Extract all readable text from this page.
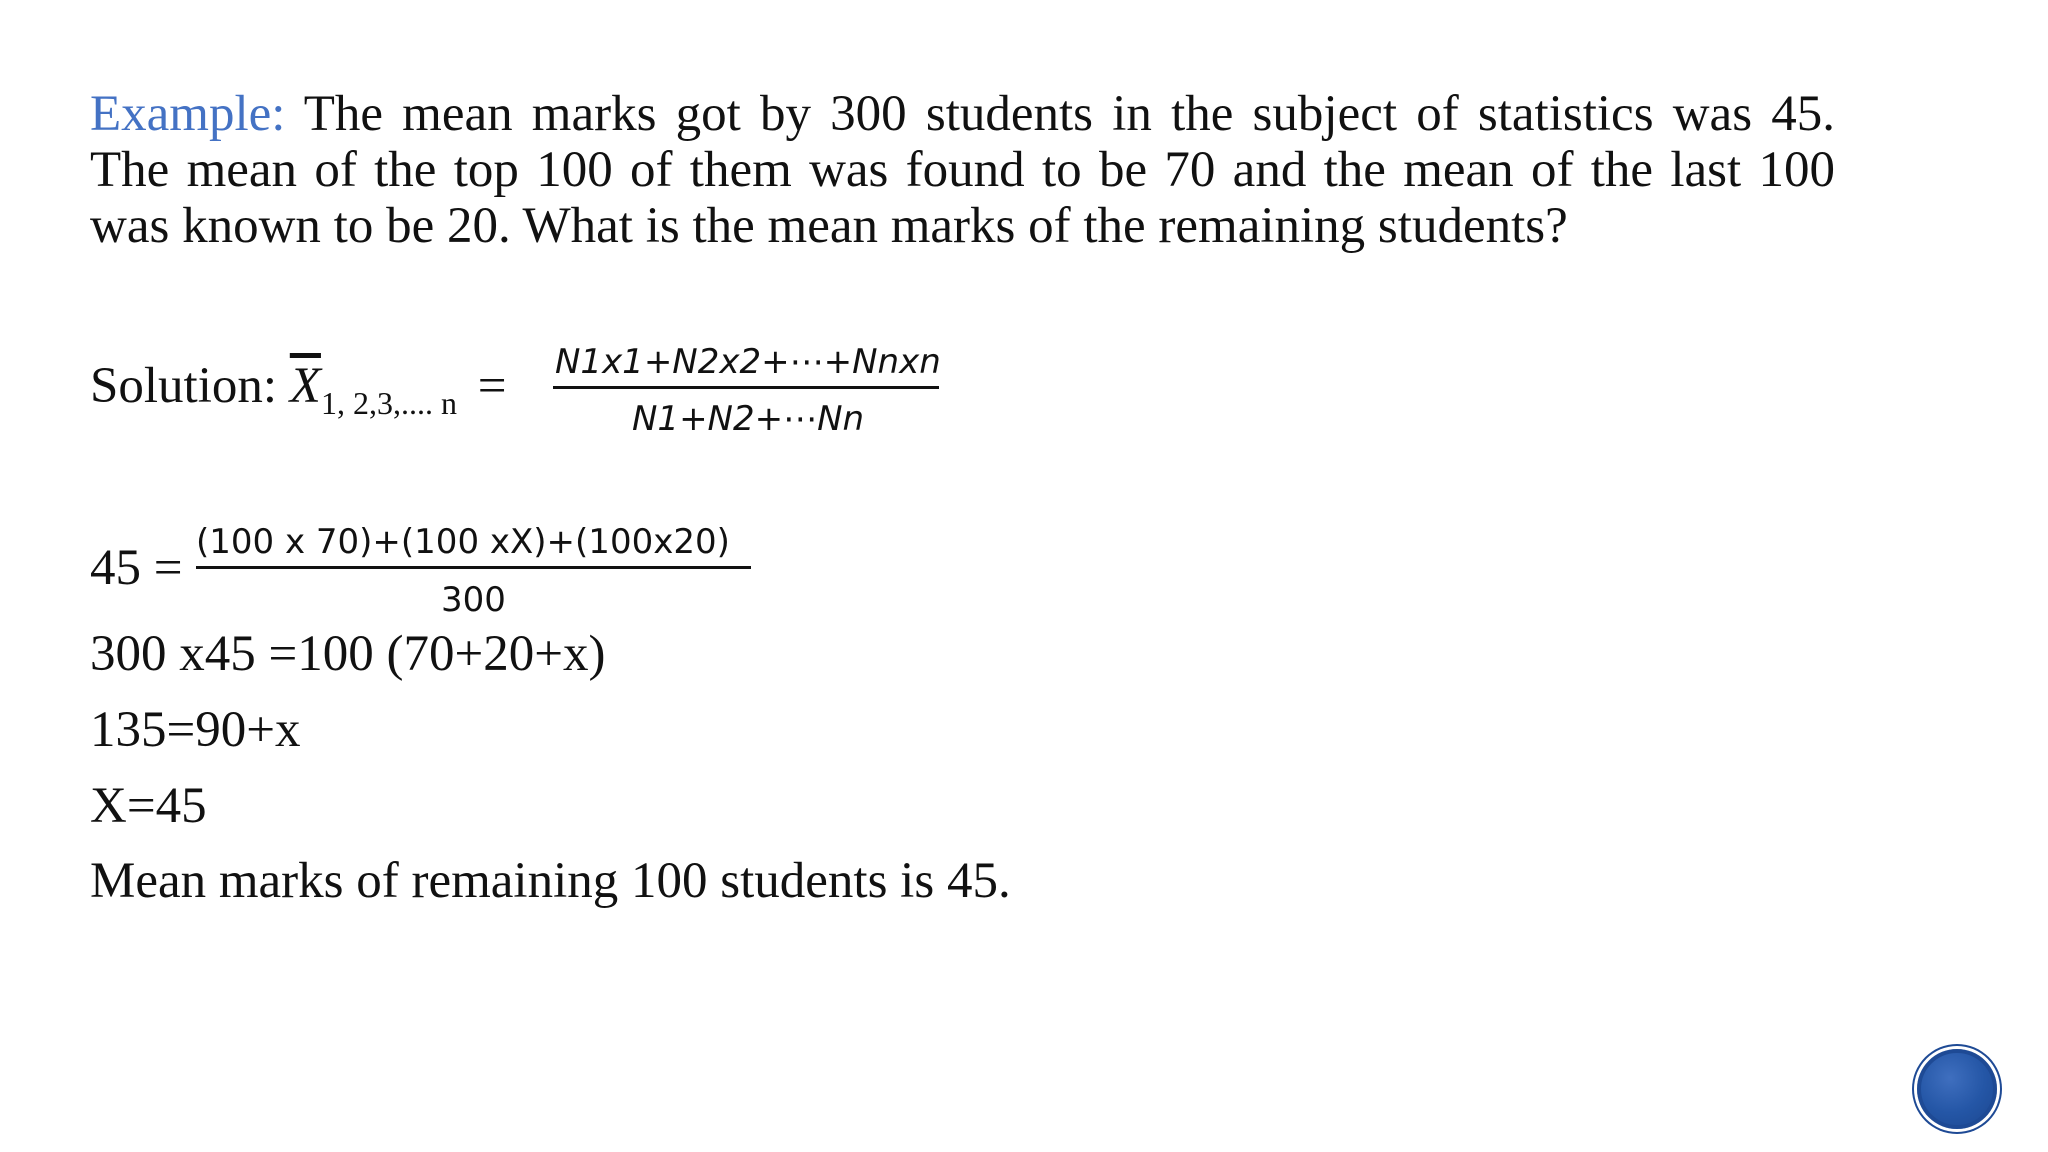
Example: The mean marks got by 300 students in the subject of statistics was 45. The mean of the top 100 of them was found to be 70 and the mean of the last 100 was known to be 20. What is the mean marks of the remaining students?
Solution: $\overline{X}_{1, 2,3,.... n}$ = N1x1+N2x2+⋯+Nnxn
N1+N2+⋯Nn
45 = (100 x 70)+(100 xX)+(100x20)
300
300 x45 =100 (70+20+x)
135=90+x
X=45
Mean marks of remaining 100 students is 45.
